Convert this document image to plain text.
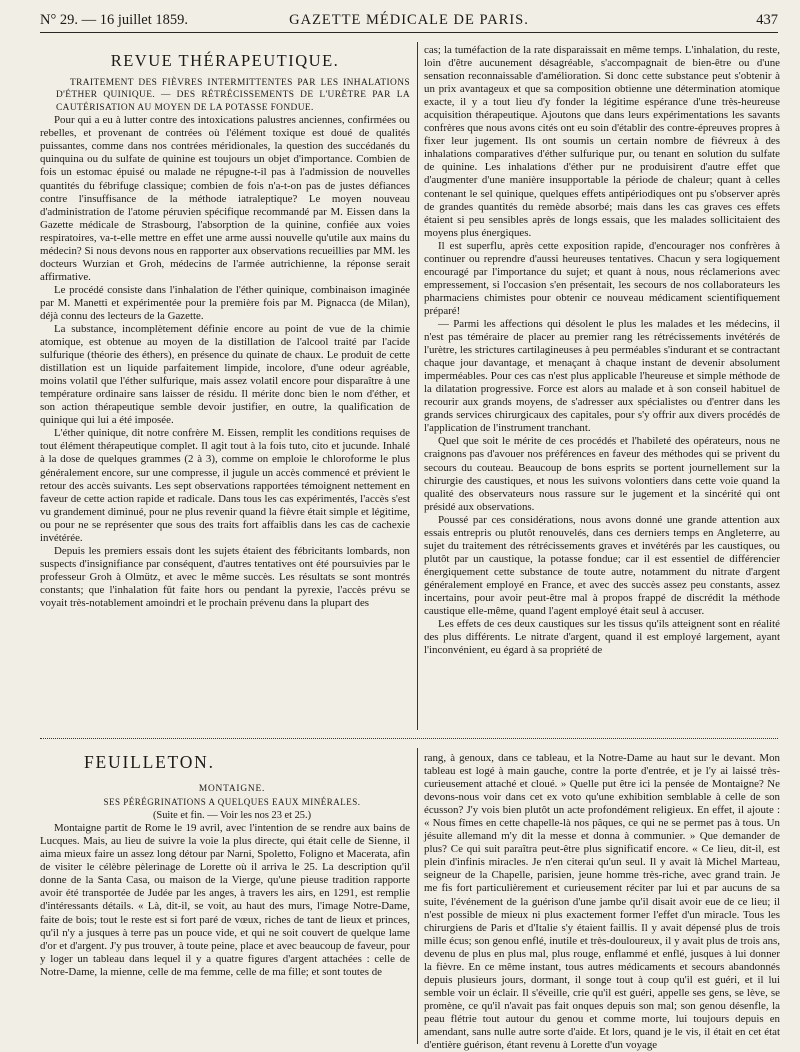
N° 29. — 16 juillet 1859.	GAZETTE MÉDICALE DE PARIS.	437
REVUE THÉRAPEUTIQUE.

TRAITEMENT DES FIÈVRES INTERMITTENTES PAR LES INHALATIONS D'ÉTHER QUINIQUE. — DES RÉTRÉCISSEMENTS DE L'URÈTRE PAR LA CAUTÉRISATION AU MOYEN DE LA POTASSE FONDUE.

Pour qui a eu à lutter contre des intoxications palustres anciennes, confirmées ou rebelles, et provenant de contrées où l'élément toxique est doué de qualités puissantes, comme dans nos contrées méridionales, la question des succédanés du quinquina ou du sulfate de quinine est toujours un objet d'importance. Combien de fois un estomac épuisé ou malade ne répugne-t-il pas à l'admission de nouvelles quantités du fébrifuge classique; combien de fois n'a-t-on pas de justes défiances contre l'insuffisance de la méthode iatraleptique? Le moyen nouveau d'administration de l'atome péruvien spécifique recommandé par M. Eissen dans la Gazette médicale de Strasbourg, l'absorption de la quinine, confiée aux voies respiratoires, va-t-elle mettre en effet une arme aussi nouvelle qu'utile aux mains du médecin? Si nous devons nous en rapporter aux observations recueillies par MM. les docteurs Wurzian et Groh, médecins de l'armée autrichienne, la réponse serait affirmative.

Le procédé consiste dans l'inhalation de l'éther quinique, combinaison imaginée par M. Manetti et expérimentée pour la première fois par M. Pignacca (de Milan), déjà connu des lecteurs de la Gazette.

La substance, incomplètement définie encore au point de vue de la chimie atomique, est obtenue au moyen de la distillation de l'alcool traité par l'acide sulfurique (théorie des éthers), en présence du quinate de chaux. Le produit de cette distillation est un liquide parfaitement limpide, incolore, d'une odeur agréable, moins volatil que l'éther sulfurique, mais assez volatil encore pour disparaître à une température ordinaire sans laisser de résidu. Il mérite donc bien le nom d'éther, et son action thérapeutique semble devoir justifier, en outre, la qualification de quinique qui lui a été imposée.

L'éther quinique, dit notre confrère M. Eissen, remplit les conditions requises de tout élément thérapeutique complet. Il agit tout à la fois tuto, cito et jucunde. Inhalé à la dose de quelques grammes (2 à 3), comme on emploie le chloroforme le plus généralement encore, sur une compresse, il jugule un accès commencé et prévient le retour des accès suivants. Les sept observations rapportées témoignent nettement en faveur de cette action rapide et radicale. Dans tous les cas expérimentés, l'accès s'est vu grandement diminué, pour ne plus revenir quand la fièvre était simple et légitime, ou pour ne se représenter que sous des traits fort affaiblis dans les cas de cachexie invétérée.

Depuis les premiers essais dont les sujets étaient des fébricitants lombards, non suspects d'insignifiance par conséquent, d'autres tentatives ont été poursuivies par le professeur Groh à Olmütz, et avec le même succès. Les résultats se sont montrés constants; que l'inhalation fût faite hors ou pendant la pyrexie, l'accès prévu se voyait très-notablement amoindri et le prochain prévenu dans la plupart des

cas; la tuméfaction de la rate disparaissait en même temps. L'inhalation, du reste, loin d'être aucunement désagréable, s'accompagnait de bien-être ou d'une sensation reconnaissable d'amélioration. Si donc cette substance peut s'obtenir à un prix avantageux et que sa composition obtienne une détermination atomique exacte, il y a tout lieu d'y fonder la légitime espérance d'une très-heureuse acquisition thérapeutique. Ajoutons que dans leurs expérimentations les savants confrères que nous avons cités ont eu soin d'établir des contre-épreuves propres à fixer leur jugement. Ils ont soumis un certain nombre de fiévreux à des inhalations comparatives d'éther sulfurique pur, ou tenant en solution du sulfate de quinine. Les inhalations d'éther pur ne produisirent d'autre effet que d'augmenter d'une manière insupportable la période de chaleur; quant à celles contenant le sel quinique, quelques effets antipériodiques ont pu s'observer après de grandes quantités du remède absorbé; mais dans les cas graves ces effets étaient si peu sensibles après de longs essais, que les malades sollicitaient des moyens plus énergiques.

Il est superflu, après cette exposition rapide, d'encourager nos confrères à continuer ou reprendre d'aussi heureuses tentatives. Chacun y sera logiquement encouragé par l'importance du sujet; et quant à nous, nous réclamerions avec empressement, si l'occasion s'en présentait, les secours de nos collaborateurs les pharmaciens chimistes pour obtenir ce nouveau médicament scientifiquement préparé!

— Parmi les affections qui désolent le plus les malades et les médecins, il n'est pas téméraire de placer au premier rang les rétrécissements invétérés de l'urètre, les strictures cartilagineuses à peu perméables s'indurant et se contractant chaque jour davantage, et menaçant à chaque instant de devenir absolument imperméables. Pour ces cas n'est plus applicable l'heureuse et simple méthode de la dilatation progressive. Force est alors au malade et à son conseil habituel de recourir aux grands moyens, de s'adresser aux spécialistes ou d'entrer dans les grands services chirurgicaux des capitales, pour s'y offrir aux divers procédés de l'application de l'instrument tranchant.

Quel que soit le mérite de ces procédés et l'habileté des opérateurs, nous ne craignons pas d'avouer nos préférences en faveur des méthodes qui se privent du secours du couteau. Beaucoup de bons esprits se portent journellement sur la chirurgie des caustiques, et nous les suivons volontiers dans cette voie quand la qualité des observateurs nous rassure sur le jugement et la sincérité qui ont présidé aux observations.

Poussé par ces considérations, nous avons donné une grande attention aux essais entrepris ou plutôt renouvelés, dans ces derniers temps en Angleterre, au sujet du traitement des rétrécissements graves et invétérés par les caustiques, ou plutôt par un caustique, la potasse fondue; car il est essentiel de différencier énergiquement cette substance de toute autre, notamment du nitrate d'argent généralement employé en France, et avec des succès assez peu constants, assez incertains, pour avoir peut-être mal à propos frappé de discrédit la méthode caustique elle-même, quand l'agent employé était seul à accuser.

Les effets de ces deux caustiques sur les tissus qu'ils atteignent sont en réalité des plus différents. Le nitrate d'argent, quand il est employé largement, ayant l'inconvénient, eu égard à sa propriété de

FEUILLETON.

MONTAIGNE.

SES PÉRÉGRINATIONS A QUELQUES EAUX MINÉRALES.

(Suite et fin. — Voir les nos 23 et 25.)

Montaigne partit de Rome le 19 avril, avec l'intention de se rendre aux bains de Lucques. Mais, au lieu de suivre la voie la plus directe, qui était celle de Sienne, il aima mieux faire un assez long détour par Narni, Spoletto, Foligno et Macerata, afin de visiter le célèbre pèlerinage de Lorette où il arriva le 25. La description qu'il donne de la Santa Casa, ou maison de la Vierge, qu'une pieuse tradition rapporte avoir été transportée de Judée par les anges, à travers les airs, en 1291, est remplie d'intéressants détails. « Là, dit-il, se voit, au haut des murs, l'image Notre-Dame, faite de bois; tout le reste est si fort paré de vœux, riches de tant de lieux et princes, qu'il n'y a jusques à terre pas un pouce vide, et qui ne soit couvert de quelque lame d'or et d'argent. J'y pus trouver, à toute peine, place et avec beaucoup de faveur, pour y loger un tableau dans lequel il y a quatre figures d'argent attachées : celle de Notre-Dame, la mienne, celle de ma femme, celle de ma fille; et sont toutes de

rang, à genoux, dans ce tableau, et la Notre-Dame au haut sur le devant. Mon tableau est logé à main gauche, contre la porte d'entrée, et je l'y ai laissé très-curieusement attaché et cloué. » Quelle put être ici la pensée de Montaigne? Ne devons-nous voir dans cet ex voto qu'une exhibition semblable à celle de son écusson? J'y vois bien plutôt un acte profondément religieux. En effet, il ajoute : « Nous fîmes en cette chapelle-là nos pâques, ce qui ne se permet pas à tous. Un jésuite allemand m'y dit la messe et donna à communier. » Que demander de plus? Ce qui suit paraîtra peut-être plus significatif encore. « Ce lieu, dit-il, est plein d'infinis miracles. Je n'en citerai qu'un seul. Il y avait là Michel Marteau, seigneur de la Chapelle, parisien, jeune homme très-riche, avec grand train. Je me fis fort particulièrement et curieusement réciter par lui et par aucuns de sa suite, l'événement de la guérison d'une jambe qu'il disait avoir eue de ce lieu; il n'est possible de mieux ni plus exactement former l'effet d'un miracle. Tous les chirurgiens de Paris et d'Italie s'y étaient faillis. Il y avait dépensé plus de trois mille écus; son genou enflé, inutile et très-douloureux, il y avait plus de trois ans, devenu de plus en plus mal, plus rouge, enflammé et enflé, jusques à lui donner la fièvre. En ce même instant, tous autres médicaments et secours abandonnés depuis plusieurs jours, dormant, il songe tout à coup qu'il est guéri, et il lui semble voir un éclair. Il s'éveille, crie qu'il est guéri, appelle ses gens, se lève, se promène, ce qu'il n'avait pas fait onques depuis son mal; son genou désenfle, la peau flétrie tout autour du genou et comme morte, lui toujours depuis en amendant, sans nulle autre sorte d'aide. Et lors, quand je le vis, il était en cet état d'entière guérison, étant revenu à Lorette d'un voyage
